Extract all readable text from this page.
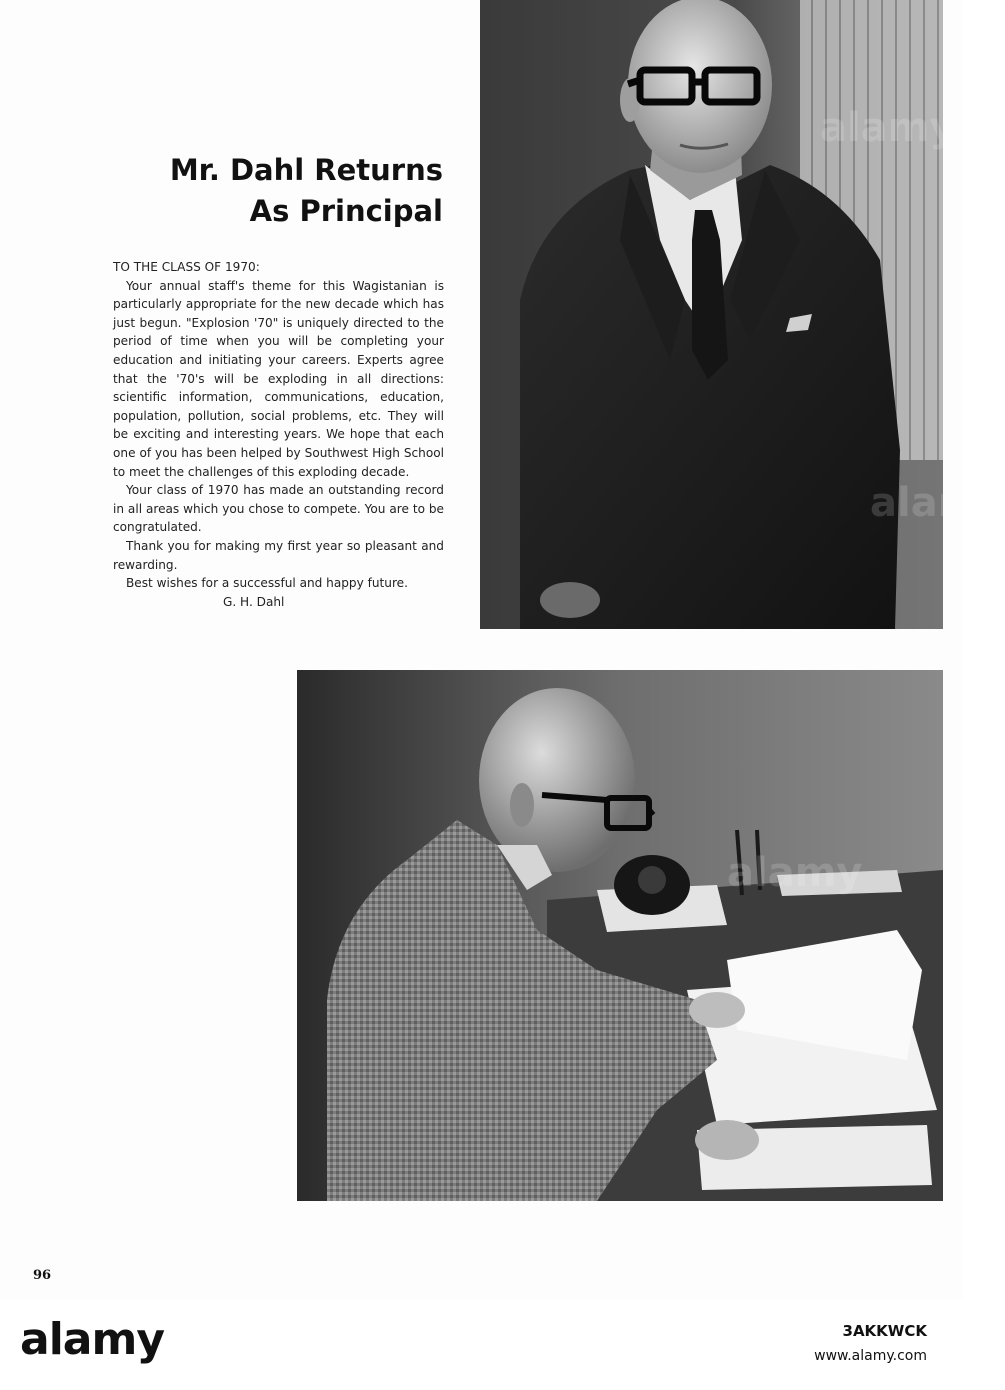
Mr. Dahl Returns
As Principal

TO THE CLASS OF 1970:

Your annual staff's theme for this Wagistanian is particularly appropriate for the new decade which has just begun. "Explosion '70" is uniquely directed to the period of time when you will be completing your education and initiating your careers. Experts agree that the '70's will be exploding in all directions: scientific information, communications, education, population, pollution, social problems, etc. They will be exciting and interesting years. We hope that each one of you has been helped by Southwest High School to meet the challenges of this exploding decade.

Your class of 1970 has made an outstanding record in all areas which you chose to compete. You are to be congratulated.

Thank you for making my first year so pleasant and rewarding.

Best wishes for a successful and happy future.

G. H. Dahl

96
alamy	3AKKWCK
www.alamy.com
